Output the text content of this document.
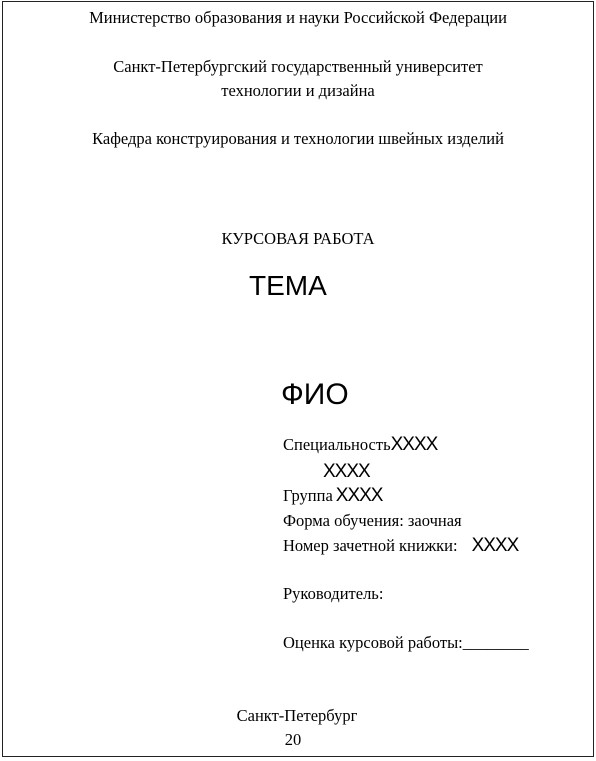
Министерство образования и науки Российской Федерации
Санкт-Петербургский государственный университет
технологии и дизайна
Кафедра конструирования и технологии швейных изделий
КУРСОВАЯ РАБОТА
ТЕМА
ФИО
СпециальностьХХХХ
ХХХХ
Группа ХХХХ
Форма обучения: заочная
Номер зачетной книжки: ХХХХ
Руководитель:
Оценка курсовой работы:________
Санкт-Петербург
20
